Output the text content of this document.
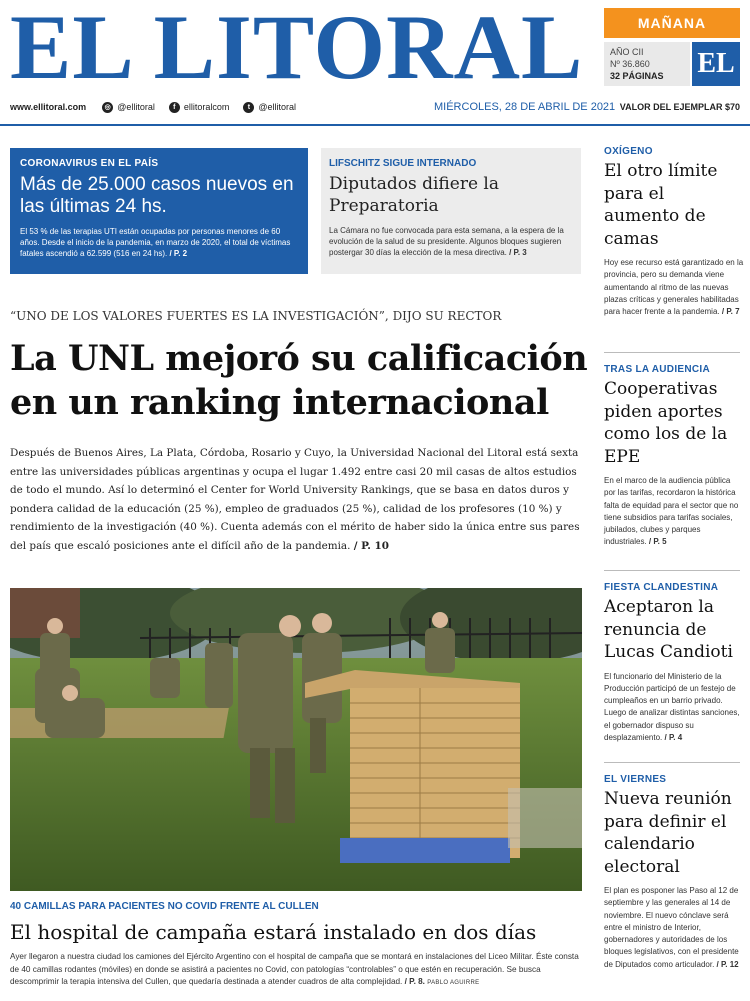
EL LITORAL	MAÑANA
AÑO CII
Nº 36.860
32 PÁGINAS	EL
www.ellitoral.com	◎ @ellitoral	f ellitoralcom	t @ellitoral	MIÉRCOLES, 28 DE ABRIL DE 2021 VALOR DEL EJEMPLAR $70
CORONAVIRUS EN EL PAÍS
Más de 25.000 casos nuevos en las últimas 24 hs.
El 53 % de las terapias UTI están ocupadas por personas menores de 60 años. Desde el inicio de la pandemia, en marzo de 2020, el total de víctimas fatales ascendió a 62.599 (516 en 24 hs). / P. 2
LIFSCHITZ SIGUE INTERNADO
Diputados difiere la Preparatoria
La Cámara no fue convocada para esta semana, a la espera de la evolución de la salud de su presidente. Algunos bloques sugieren postergar 30 días la elección de la mesa directiva. / P. 3
“UNO DE LOS VALORES FUERTES ES LA INVESTIGACIÓN”, DIJO SU RECTOR
La UNL mejoró su calificación en un ranking internacional
Después de Buenos Aires, La Plata, Córdoba, Rosario y Cuyo, la Universidad Nacional del Litoral está sexta entre las universidades públicas argentinas y ocupa el lugar 1.492 entre casi 20 mil casas de altos estudios de todo el mundo. Así lo determinó el Center for World University Rankings, que se basa en datos duros y pondera calidad de la educación (25 %), empleo de graduados (25 %), calidad de los profesores (10 %) y rendimiento de la investigación (40 %). Cuenta además con el mérito de haber sido la única entre sus pares del país que escaló posiciones ante el difícil año de la pandemia. / P. 10
40 CAMILLAS PARA PACIENTES NO COVID FRENTE AL CULLEN
El hospital de campaña estará instalado en dos días
Ayer llegaron a nuestra ciudad los camiones del Ejército Argentino con el hospital de campaña que se montará en instalaciones del Liceo Militar. Éste consta de 40 camillas rodantes (móviles) en donde se asistirá a pacientes no Covid, con patologías “controlables” o que estén en recuperación. Se busca descomprimir la terapia intensiva del Cullen, que quedaría destinada a atender cuadros de alta complejidad. / P. 8. PABLO AGUIRRE
OXÍGENO
El otro límite para el aumento de camas
Hoy ese recurso está garantizado en la provincia, pero su demanda viene aumentando al ritmo de las nuevas plazas críticas y generales habilitadas para hacer frente a la pandemia. / P. 7
TRAS LA AUDIENCIA
Cooperativas piden aportes como los de la EPE
En el marco de la audiencia pública por las tarifas, recordaron la histórica falta de equidad para el sector que no tiene subsidios para tarifas sociales, jubilados, clubes y parques industriales. / P. 5
FIESTA CLANDESTINA
Aceptaron la renuncia de Lucas Candioti
El funcionario del Ministerio de la Producción participó de un festejo de cumpleaños en un barrio privado. Luego de analizar distintas sanciones, el gobernador dispuso su desplazamiento. / P. 4
EL VIERNES
Nueva reunión para definir el calendario electoral
El plan es posponer las Paso al 12 de septiembre y las generales al 14 de noviembre. El nuevo cónclave será entre el ministro de Interior, gobernadores y autoridades de los bloques legislativos, con el presidente de Diputados como articulador. / P. 12
